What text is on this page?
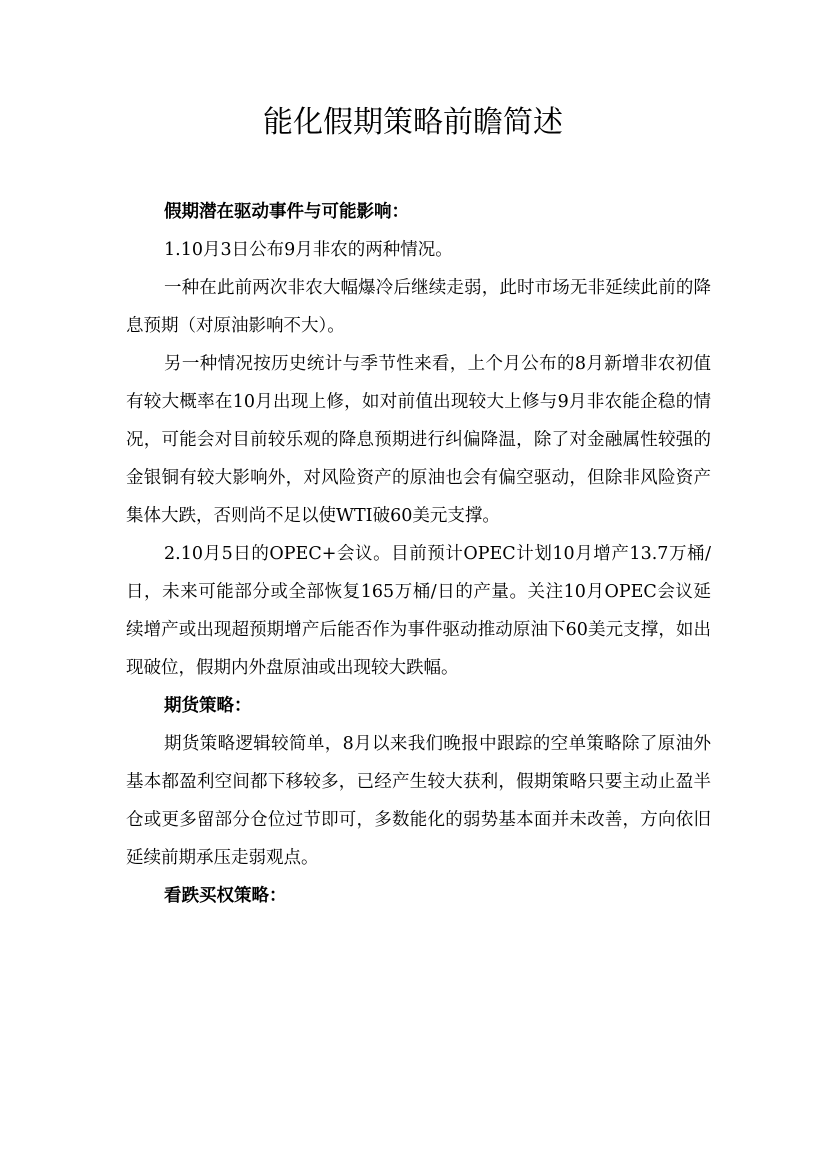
能化假期策略前瞻简述

假期潜在驱动事件与可能影响：

1.10月3日公布9月非农的两种情况。

一种在此前两次非农大幅爆冷后继续走弱，此时市场无非延续此前的降息预期（对原油影响不大）。

另一种情况按历史统计与季节性来看，上个月公布的8月新增非农初值有较大概率在10月出现上修，如对前值出现较大上修与9月非农能企稳的情况，可能会对目前较乐观的降息预期进行纠偏降温，除了对金融属性较强的金银铜有较大影响外，对风险资产的原油也会有偏空驱动，但除非风险资产集体大跌，否则尚不足以使WTI破60美元支撑。

2.10月5日的OPEC+会议。目前预计OPEC计划10月增产13.7万桶/日，未来可能部分或全部恢复165万桶/日的产量。关注10月OPEC会议延续增产或出现超预期增产后能否作为事件驱动推动原油下60美元支撑，如出现破位，假期内外盘原油或出现较大跌幅。

期货策略：

期货策略逻辑较简单，8月以来我们晚报中跟踪的空单策略除了原油外基本都盈利空间都下移较多，已经产生较大获利，假期策略只要主动止盈半仓或更多留部分仓位过节即可，多数能化的弱势基本面并未改善，方向依旧延续前期承压走弱观点。

看跌买权策略：
